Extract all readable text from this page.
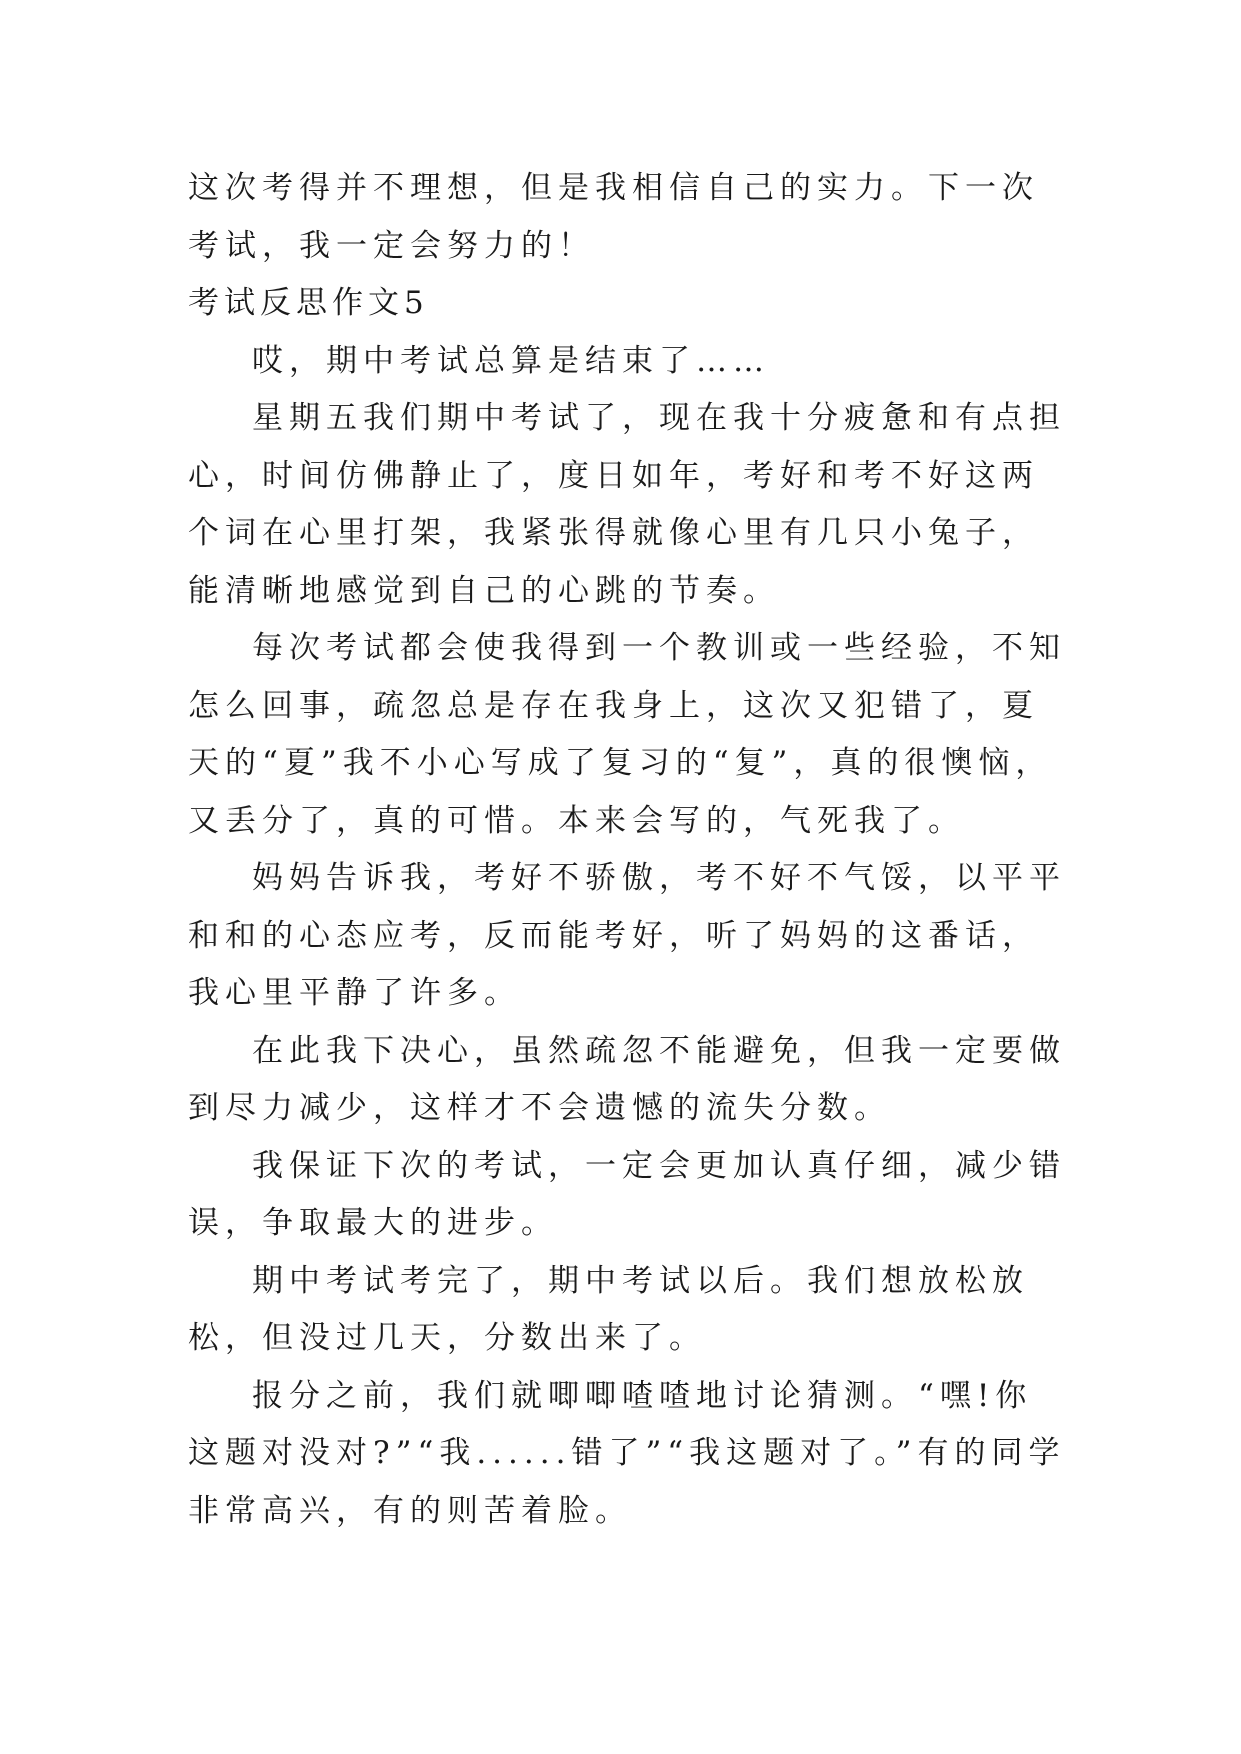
这次考得并不理想，但是我相信自己的实力。下一次考试，我一定会努力的！

考试反思作文5

哎，期中考试总算是结束了……

星期五我们期中考试了，现在我十分疲惫和有点担心，时间仿佛静止了，度日如年，考好和考不好这两个词在心里打架，我紧张得就像心里有几只小兔子，能清晰地感觉到自己的心跳的节奏。

每次考试都会使我得到一个教训或一些经验，不知怎么回事，疏忽总是存在我身上，这次又犯错了，夏天的“夏”我不小心写成了复习的“复”，真的很懊恼，又丢分了，真的可惜。本来会写的，气死我了。

妈妈告诉我，考好不骄傲，考不好不气馁，以平平和和的心态应考，反而能考好，听了妈妈的这番话，我心里平静了许多。

在此我下决心，虽然疏忽不能避免，但我一定要做到尽力减少，这样才不会遗憾的流失分数。

我保证下次的考试，一定会更加认真仔细，减少错误，争取最大的进步。

期中考试考完了，期中考试以后。我们想放松放松，但没过几天，分数出来了。

报分之前，我们就唧唧喳喳地讨论猜测。“嘿!你这题对没对?”“我......错了”“我这题对了。”有的同学非常高兴，有的则苦着脸。
